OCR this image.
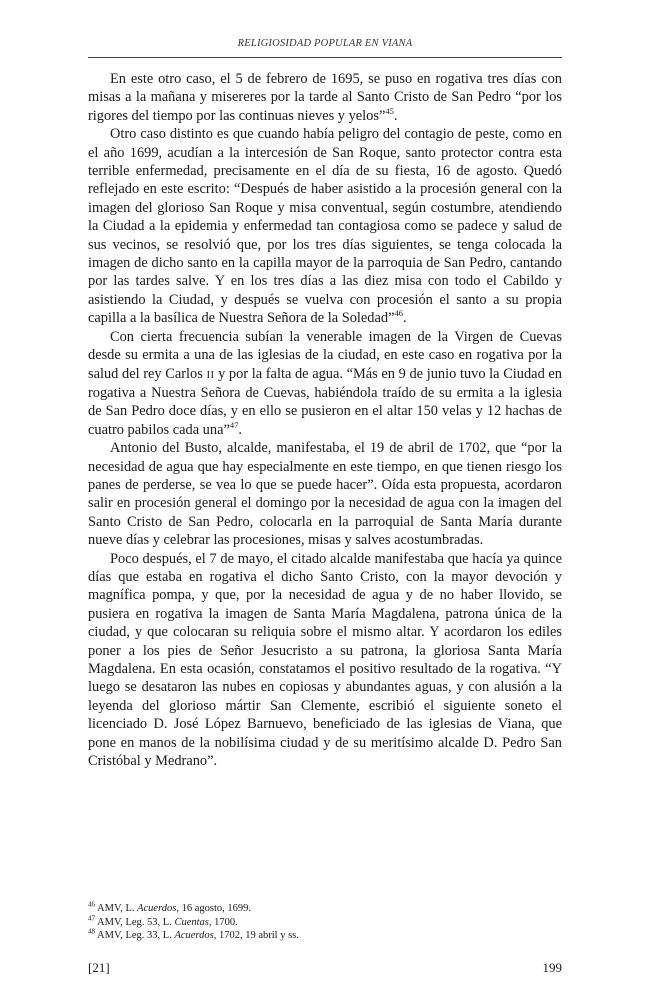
RELIGIOSIDAD POPULAR EN VIANA

En este otro caso, el 5 de febrero de 1695, se puso en rogativa tres días con misas a la mañana y misereres por la tarde al Santo Cristo de San Pedro “por los rigores del tiempo por las continuas nieves y yelos”$^{45}$.

Otro caso distinto es que cuando había peligro del contagio de peste, como en el año 1699, acudían a la intercesión de San Roque, santo protector contra esta terrible enfermedad, precisamente en el día de su fiesta, 16 de agosto. Quedó reflejado en este escrito: “Después de haber asistido a la procesión general con la imagen del glorioso San Roque y misa conventual, según costumbre, atendiendo la Ciudad a la epidemia y enfermedad tan contagiosa como se padece y salud de sus vecinos, se resolvió que, por los tres días siguientes, se tenga colocada la imagen de dicho santo en la capilla mayor de la parroquia de San Pedro, cantando por las tardes salve. Y en los tres días a las diez misa con todo el Cabildo y asistiendo la Ciudad, y después se vuelva con procesión el santo a su propia capilla a la basílica de Nuestra Señora de la Soledad”$^{46}$.

Con cierta frecuencia subían la venerable imagen de la Virgen de Cuevas desde su ermita a una de las iglesias de la ciudad, en este caso en rogativa por la salud del rey Carlos II y por la falta de agua. “Más en 9 de junio tuvo la Ciudad en rogativa a Nuestra Señora de Cuevas, habiéndola traído de su ermita a la iglesia de San Pedro doce días, y en ello se pusieron en el altar 150 velas y 12 hachas de cuatro pabilos cada una”$^{47}$.

Antonio del Busto, alcalde, manifestaba, el 19 de abril de 1702, que “por la necesidad de agua que hay especialmente en este tiempo, en que tienen riesgo los panes de perderse, se vea lo que se puede hacer”. Oída esta propuesta, acordaron salir en procesión general el domingo por la necesidad de agua con la imagen del Santo Cristo de San Pedro, colocarla en la parroquial de Santa María durante nueve días y celebrar las procesiones, misas y salves acostumbradas.

Poco después, el 7 de mayo, el citado alcalde manifestaba que hacía ya quince días que estaba en rogativa el dicho Santo Cristo, con la mayor devoción y magnífica pompa, y que, por la necesidad de agua y de no haber llovido, se pusiera en rogativa la imagen de Santa María Magdalena, patrona única de la ciudad, y que colocaran su reliquia sobre el mismo altar. Y acordaron los ediles poner a los pies de Señor Jesucristo a su patrona, la gloriosa Santa María Magdalena. En esta ocasión, constatamos el positivo resultado de la rogativa. “Y luego se desataron las nubes en copiosas y abundantes aguas, y con alusión a la leyenda del glorioso mártir San Clemente, escribió el siguiente soneto el licenciado D. José López Barnuevo, beneficiado de las iglesias de Viana, que pone en manos de la nobilísima ciudad y de su meritísimo alcalde D. Pedro San Cristóbal y Medrano”.

$^{46}$ AMV, L. Acuerdos, 16 agosto, 1699.
$^{47}$ AMV, Leg. 53, L. Cuentas, 1700.
$^{48}$ AMV, Leg. 33, L. Acuerdos, 1702, 19 abril y ss.
[21]	199
